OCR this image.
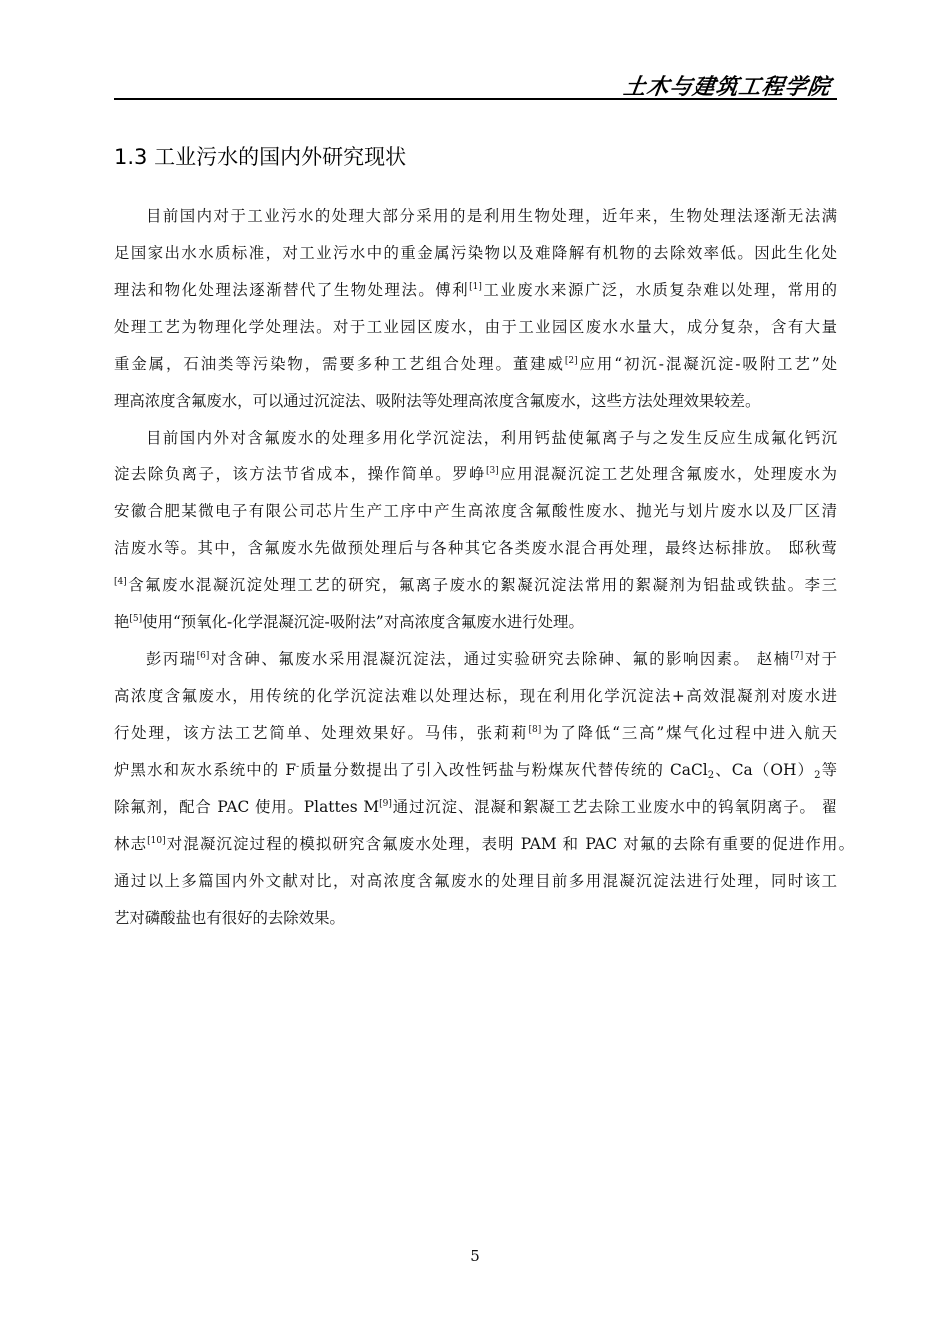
土木与建筑工程学院
1.3 工业污水的国内外研究现状
目前国内对于工业污水的处理大部分采用的是利用生物处理，近年来，生物处理法逐渐无法满
足国家出水水质标准，对工业污水中的重金属污染物以及难降解有机物的去除效率低。因此生化处
理法和物化处理法逐渐替代了生物处理法。傅利[1]工业废水来源广泛，水质复杂难以处理，常用的
处理工艺为物理化学处理法。对于工业园区废水，由于工业园区废水水量大，成分复杂，含有大量
重金属，石油类等污染物，需要多种工艺组合处理。董建威[2]应用“初沉-混凝沉淀-吸附工艺”处
理高浓度含氟废水，可以通过沉淀法、吸附法等处理高浓度含氟废水，这些方法处理效果较差。
目前国内外对含氟废水的处理多用化学沉淀法，利用钙盐使氟离子与之发生反应生成氟化钙沉
淀去除负离子，该方法节省成本，操作简单。罗峥[3]应用混凝沉淀工艺处理含氟废水，处理废水为
安徽合肥某微电子有限公司芯片生产工序中产生高浓度含氟酸性废水、抛光与划片废水以及厂区清
洁废水等。其中，含氟废水先做预处理后与各种其它各类废水混合再处理，最终达标排放。 邸秋莺
[4]含氟废水混凝沉淀处理工艺的研究，氟离子废水的絮凝沉淀法常用的絮凝剂为铝盐或铁盐。李三
艳[5]使用“预氧化-化学混凝沉淀-吸附法”对高浓度含氟废水进行处理。
彭丙瑞[6]对含砷、氟废水采用混凝沉淀法，通过实验研究去除砷、氟的影响因素。 赵楠[7]对于
高浓度含氟废水，用传统的化学沉淀法难以处理达标，现在利用化学沉淀法+高效混凝剂对废水进
行处理，该方法工艺简单、处理效果好。马伟，张莉莉[8]为了降低“三高”煤气化过程中进入航天
炉黑水和灰水系统中的 F-质量分数提出了引入改性钙盐与粉煤灰代替传统的 CaCl$_2$、$Ca(OH)_2$等
除氟剂，配合 PAC 使用。Plattes M[9]通过沉淀、混凝和絮凝工艺去除工业废水中的钨氧阴离子。 翟
林志[10]对混凝沉淀过程的模拟研究含氟废水处理，表明 PAM 和 PAC 对氟的去除有重要的促进作用。
通过以上多篇国内外文献对比，对高浓度含氟废水的处理目前多用混凝沉淀法进行处理，同时该工
艺对磷酸盐也有很好的去除效果。
5
